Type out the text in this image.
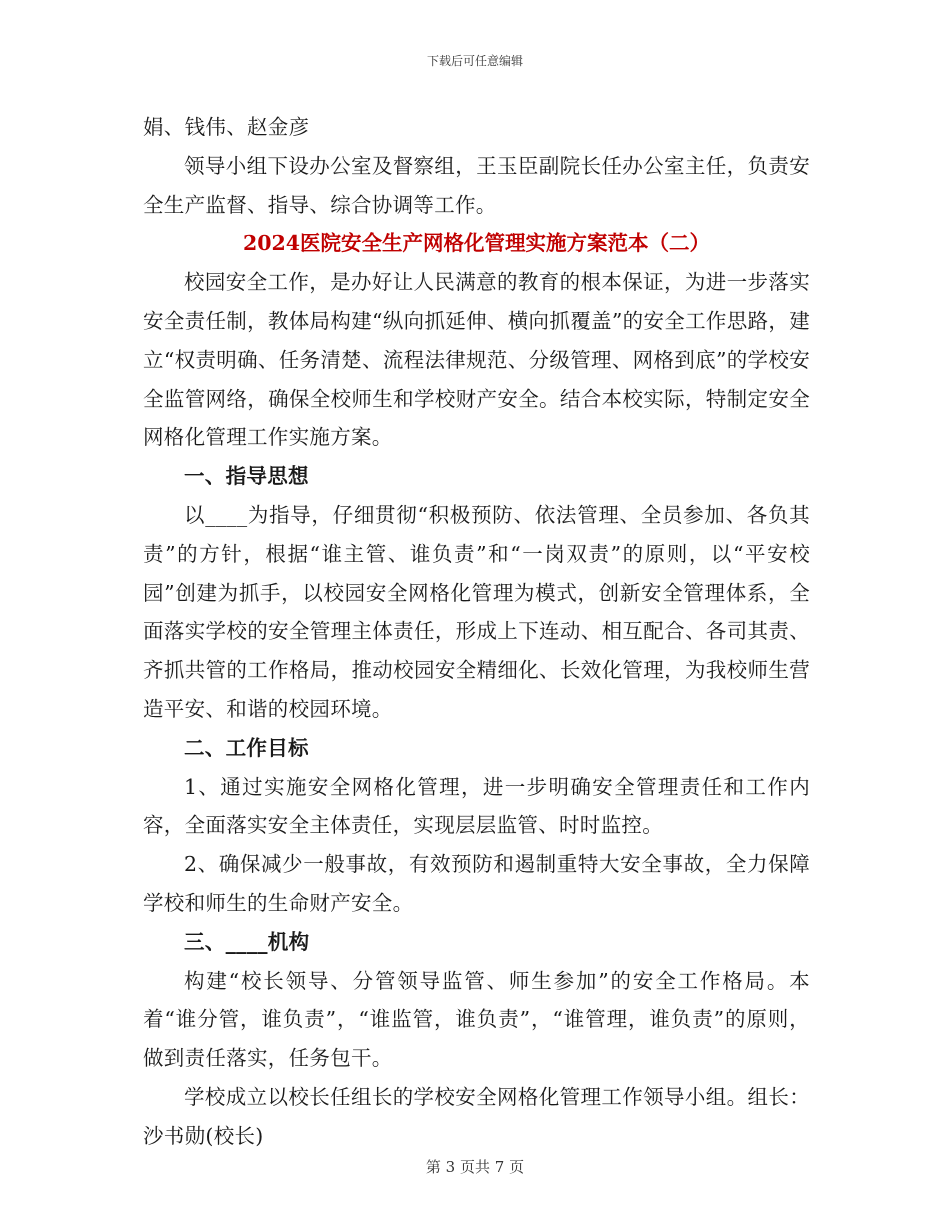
下载后可任意编辑

娟、钱伟、赵金彦

领导小组下设办公室及督察组，王玉臣副院长任办公室主任，负责安全生产监督、指导、综合协调等工作。

2024医院安全生产网格化管理实施方案范本（二）

校园安全工作，是办好让人民满意的教育的根本保证，为进一步落实安全责任制，教体局构建“纵向抓延伸、横向抓覆盖”的安全工作思路，建立“权责明确、任务清楚、流程法律规范、分级管理、网格到底”的学校安全监管网络，确保全校师生和学校财产安全。结合本校实际，特制定安全网格化管理工作实施方案。

一、指导思想

以____为指导，仔细贯彻“积极预防、依法管理、全员参加、各负其责”的方针，根据“谁主管、谁负责”和“一岗双责”的原则，以“平安校园”创建为抓手，以校园安全网格化管理为模式，创新安全管理体系，全面落实学校的安全管理主体责任，形成上下连动、相互配合、各司其责、齐抓共管的工作格局，推动校园安全精细化、长效化管理，为我校师生营造平安、和谐的校园环境。

二、工作目标

1、通过实施安全网格化管理，进一步明确安全管理责任和工作内容，全面落实安全主体责任，实现层层监管、时时监控。

2、确保减少一般事故，有效预防和遏制重特大安全事故，全力保障学校和师生的生命财产安全。

三、____机构

构建“校长领导、分管领导监管、师生参加”的安全工作格局。本着“谁分管，谁负责”，“谁监管，谁负责”，“谁管理，谁负责”的原则，做到责任落实，任务包干。

学校成立以校长任组长的学校安全网格化管理工作领导小组。组长：沙书勋(校长)

第 3 页共 7 页
